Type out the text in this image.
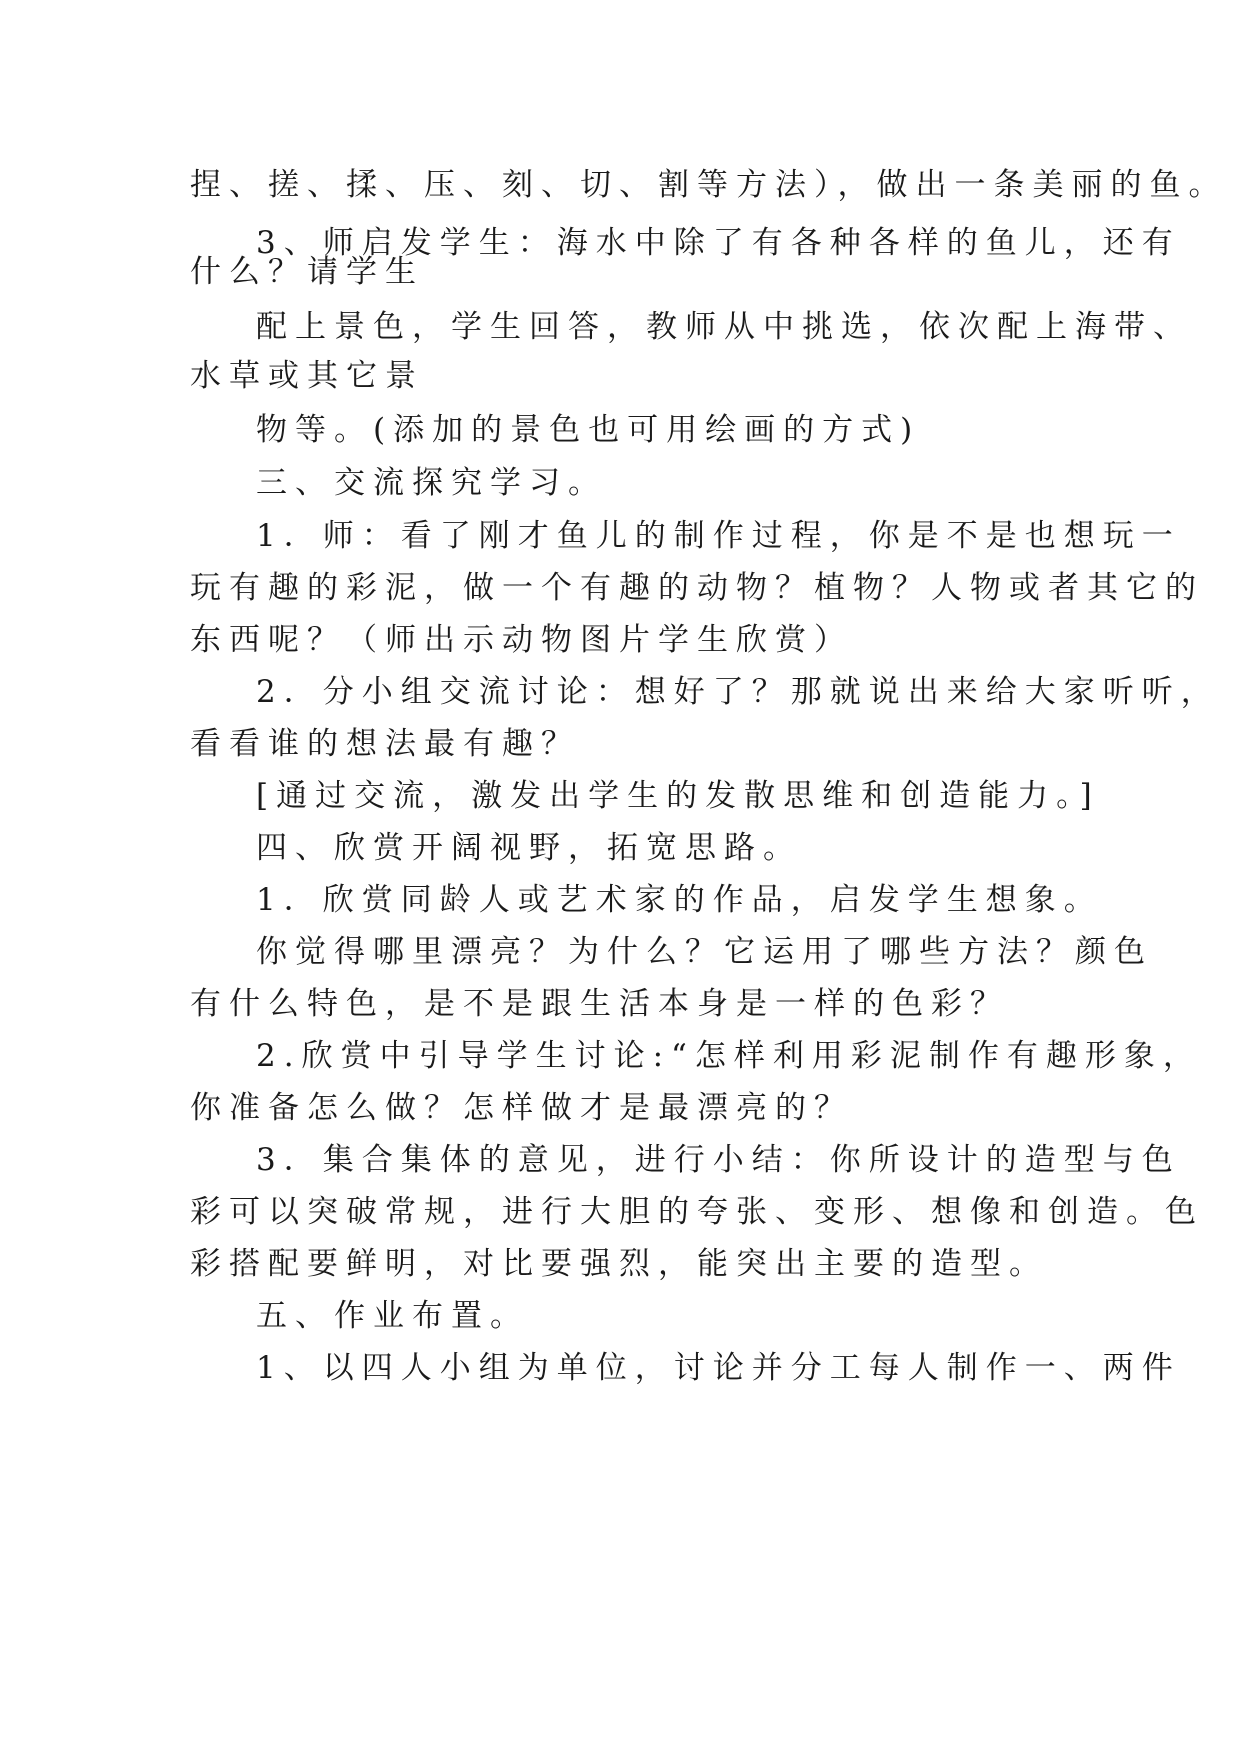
捏、搓、揉、压、刻、切、割等方法），做出一条美丽的鱼。
3、师启发学生：海水中除了有各种各样的鱼儿，还有
什么？请学生
配上景色，学生回答，教师从中挑选，依次配上海带、
水草或其它景
物等。(添加的景色也可用绘画的方式)
三、交流探究学习。
1．师：看了刚才鱼儿的制作过程，你是不是也想玩一
玩有趣的彩泥，做一个有趣的动物？植物？人物或者其它的
东西呢？（师出示动物图片学生欣赏）
2．分小组交流讨论：想好了？那就说出来给大家听听，
看看谁的想法最有趣？
[通过交流，激发出学生的发散思维和创造能力。]
四、欣赏开阔视野，拓宽思路。
1．欣赏同龄人或艺术家的作品，启发学生想象。
你觉得哪里漂亮？为什么？它运用了哪些方法？颜色
有什么特色，是不是跟生活本身是一样的色彩？
2.欣赏中引导学生讨论:“怎样利用彩泥制作有趣形象，
你准备怎么做？怎样做才是最漂亮的？
3．集合集体的意见，进行小结：你所设计的造型与色
彩可以突破常规，进行大胆的夸张、变形、想像和创造。色
彩搭配要鲜明，对比要强烈，能突出主要的造型。
五、作业布置。
1、以四人小组为单位，讨论并分工每人制作一、两件
